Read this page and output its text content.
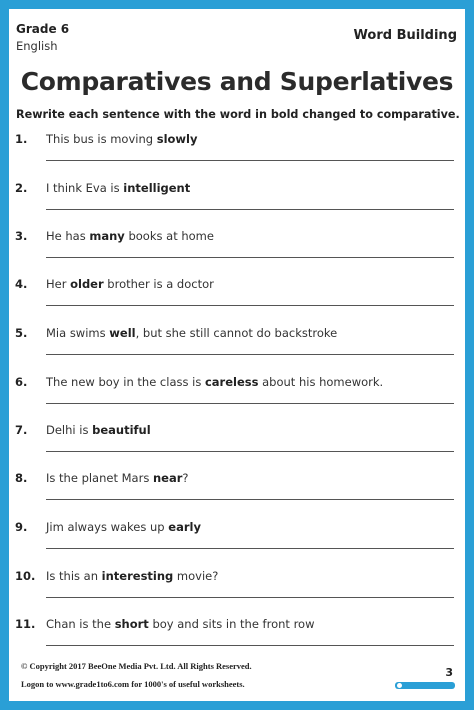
Grade 6
English
Word Building
Comparatives and Superlatives
Rewrite each sentence with the word in bold changed to comparative.
1. This bus is moving slowly
2. I think Eva is intelligent
3. He has many books at home
4. Her older brother is a doctor
5. Mia swims well, but she still cannot do backstroke
6. The new boy in the class is careless about his homework.
7. Delhi is beautiful
8. Is the planet Mars near?
9. Jim always wakes up early
10. Is this an interesting movie?
11. Chan is the short boy and sits in the front row
© Copyright 2017 BeeOne Media Pvt. Ltd. All Rights Reserved.
Logon to www.grade1to6.com for 1000's of useful worksheets.
3
